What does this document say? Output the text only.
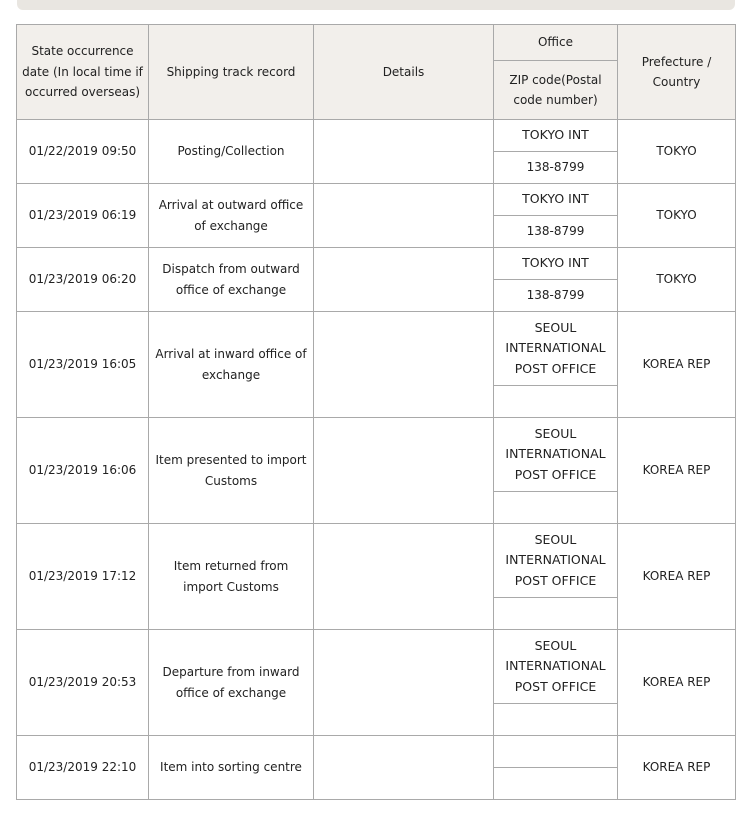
State occurrence date (In local time if occurred overseas)	Shipping track record	Details	Office	Prefecture / Country
			ZIP code(Postal code number)	
01/22/2019 09:50	Posting/Collection		TOKYO INT	TOKYO
			138-8799	
01/23/2019 06:19	Arrival at outward office of exchange		TOKYO INT	TOKYO
			138-8799	
01/23/2019 06:20	Dispatch from outward office of exchange		TOKYO INT	TOKYO
			138-8799	
01/23/2019 16:05	Arrival at inward office of exchange		SEOUL INTERNATIONAL POST OFFICE	KOREA REP

01/23/2019 16:06	Item presented to import Customs		SEOUL INTERNATIONAL POST OFFICE	KOREA REP

01/23/2019 17:12	Item returned from import Customs		SEOUL INTERNATIONAL POST OFFICE	KOREA REP

01/23/2019 20:53	Departure from inward office of exchange		SEOUL INTERNATIONAL POST OFFICE	KOREA REP

01/23/2019 22:10	Item into sorting centre			KOREA REP
